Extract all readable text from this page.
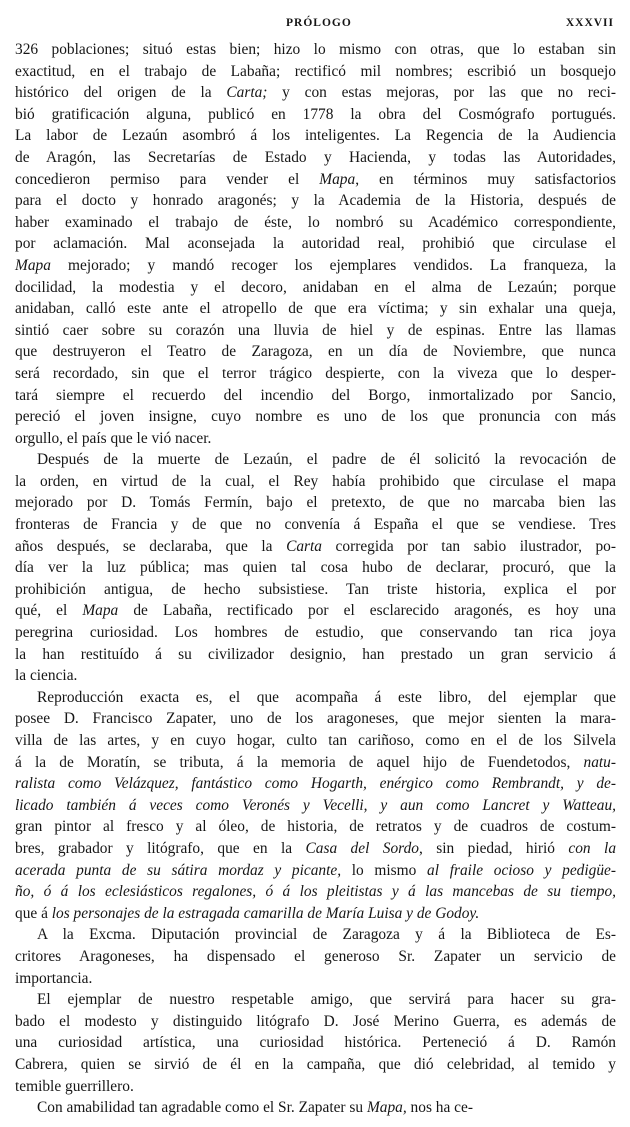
PRÓLOGO	XXXVII

326 poblaciones; situó estas bien; hizo lo mismo con otras, que lo estaban sin
exactitud, en el trabajo de Labaña; rectificó mil nombres; escribió un bosquejo
histórico del origen de la Carta; y con estas mejoras, por las que no reci-
bió gratificación alguna, publicó en 1778 la obra del Cosmógrafo portugués.
La labor de Lezaún asombró á los inteligentes. La Regencia de la Audiencia
de Aragón, las Secretarías de Estado y Hacienda, y todas las Autoridades,
concedieron permiso para vender el Mapa, en términos muy satisfactorios
para el docto y honrado aragonés; y la Academia de la Historia, después de
haber examinado el trabajo de éste, lo nombró su Académico correspondiente,
por aclamación. Mal aconsejada la autoridad real, prohibió que circulase el
Mapa mejorado; y mandó recoger los ejemplares vendidos. La franqueza, la
docilidad, la modestia y el decoro, anidaban en el alma de Lezaún; porque
anidaban, calló este ante el atropello de que era víctima; y sin exhalar una queja,
sintió caer sobre su corazón una lluvia de hiel y de espinas. Entre las llamas
que destruyeron el Teatro de Zaragoza, en un día de Noviembre, que nunca
será recordado, sin que el terror trágico despierte, con la viveza que lo desper-
tará siempre el recuerdo del incendio del Borgo, inmortalizado por Sancio,
pereció el joven insigne, cuyo nombre es uno de los que pronuncia con más
orgullo, el país que le vió nacer.

Después de la muerte de Lezaún, el padre de él solicitó la revocación de
la orden, en virtud de la cual, el Rey había prohibido que circulase el mapa
mejorado por D. Tomás Fermín, bajo el pretexto, de que no marcaba bien las
fronteras de Francia y de que no convenía á España el que se vendiese. Tres
años después, se declaraba, que la Carta corregida por tan sabio ilustrador, po-
día ver la luz pública; mas quien tal cosa hubo de declarar, procuró, que la
prohibición antigua, de hecho subsistiese. Tan triste historia, explica el por
qué, el Mapa de Labaña, rectificado por el esclarecido aragonés, es hoy una
peregrina curiosidad. Los hombres de estudio, que conservando tan rica joya
la han restituído á su civilizador designio, han prestado un gran servicio á
la ciencia.

Reproducción exacta es, el que acompaña á este libro, del ejemplar que
posee D. Francisco Zapater, uno de los aragoneses, que mejor sienten la mara-
villa de las artes, y en cuyo hogar, culto tan cariñoso, como en el de los Silvela
á la de Moratín, se tributa, á la memoria de aquel hijo de Fuendetodos, natu-
ralista como Velázquez, fantástico como Hogarth, enérgico como Rembrandt, y de-
licado también á veces como Veronés y Vecelli, y aun como Lancret y Watteau,
gran pintor al fresco y al óleo, de historia, de retratos y de cuadros de costum-
bres, grabador y litógrafo, que en la Casa del Sordo, sin piedad, hirió con la
acerada punta de su sátira mordaz y picante, lo mismo al fraile ocioso y pedigüe-
ño, ó á los eclesiásticos regalones, ó á los pleitistas y á las mancebas de su tiempo,
que á los personajes de la estragada camarilla de María Luisa y de Godoy.

A la Excma. Diputación provincial de Zaragoza y á la Biblioteca de Es-
critores Aragoneses, ha dispensado el generoso Sr. Zapater un servicio de
importancia.

El ejemplar de nuestro respetable amigo, que servirá para hacer su gra-
bado el modesto y distinguido litógrafo D. José Merino Guerra, es además de
una curiosidad artística, una curiosidad histórica. Perteneció á D. Ramón
Cabrera, quien se sirvió de él en la campaña, que dió celebridad, al temido y
temible guerrillero.

Con amabilidad tan agradable como el Sr. Zapater su Mapa, nos ha ce-
